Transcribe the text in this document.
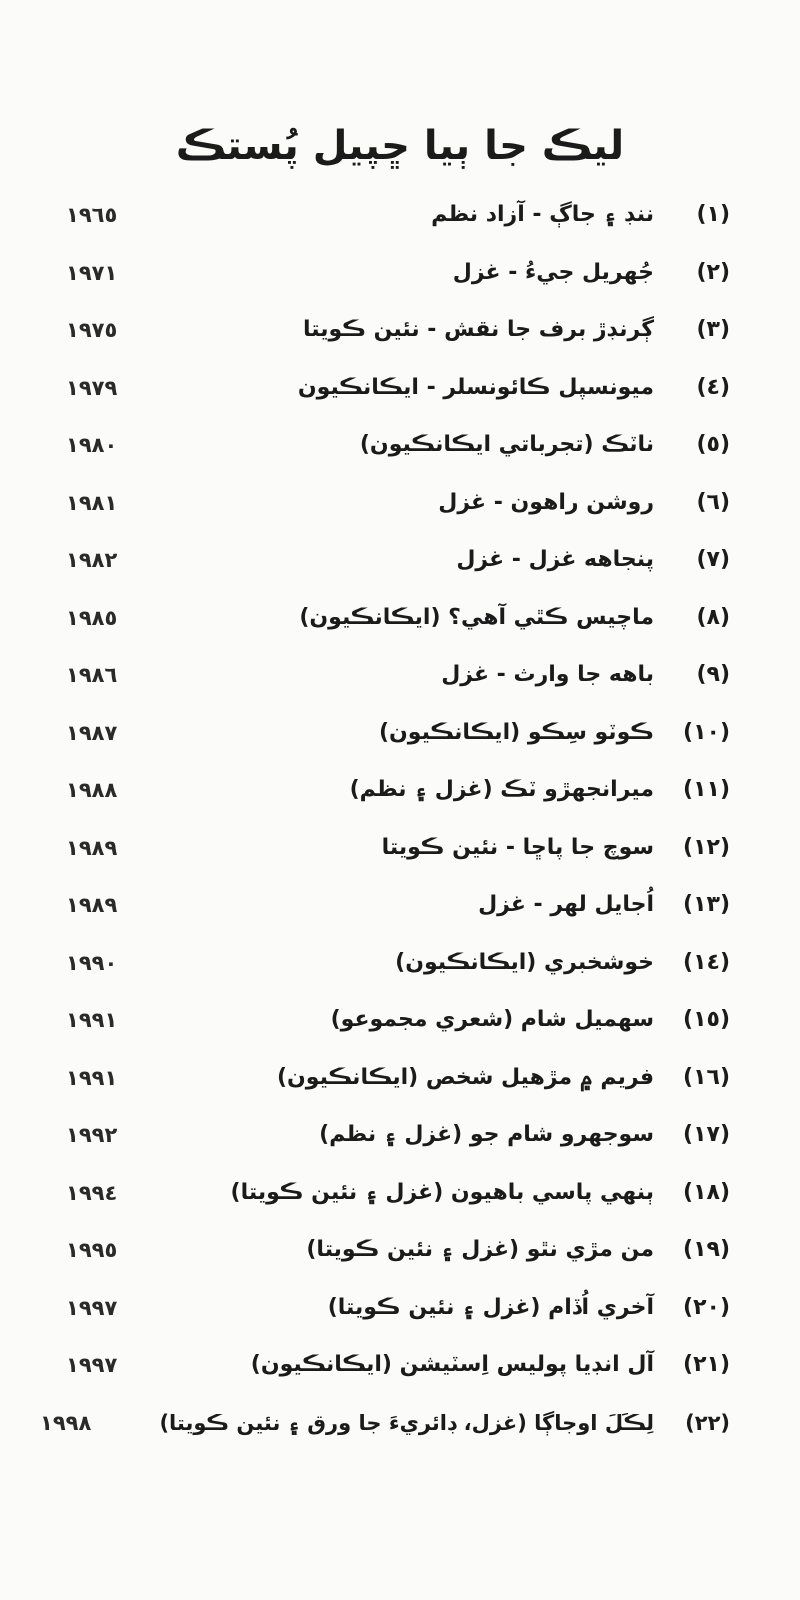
ليڪ جا ٻيا ڇپيل پُستڪ
(١)ننڊ ۽ جاڳ - آزاد نظم
١٩٦٥
(٢)جُهريل جيءُ - غزل
١٩٧١
(٣)ڳرنڊڙ برف جا نقش - نئين ڪويتا
١٩٧٥
(٤)ميونسپل ڪائونسلر - ايڪانڪيون
١٩٧٩
(٥)ناٽڪ (تجرباتي ايڪانڪيون)
١٩٨٠
(٦)روشن راهون - غزل
١٩٨١
(٧)پنجاهه غزل - غزل
١٩٨٢
(٨)ماچيس ڪٿي آهي؟ (ايڪانڪيون)
١٩٨٥
(٩)باهه جا وارث - غزل
١٩٨٦
(١٠)ڪوٽو سِڪو (ايڪانڪيون)
١٩٨٧
(١١)ميرانجهڙو ٽڪ (غزل ۽ نظم)
١٩٨٨
(١٢)سوچ جا پاڇا - نئين ڪويتا
١٩٨٩
(١٣)اُجايل لهر - غزل
١٩٨٩
(١٤)خوشخبري (ايڪانڪيون)
١٩٩٠
(١٥)سهميل شام (شعري مجموعو)
١٩٩١
(١٦)فريم ۾ مڙهيل شخص (ايڪانڪيون)
١٩٩١
(١٧)سوجهرو شام جو (غزل ۽ نظم)
١٩٩٢
(١٨)ٻنهي پاسي باهيون (غزل ۽ نئين ڪويتا)
١٩٩٤
(١٩)من مڙي نٿو (غزل ۽ نئين ڪويتا)
١٩٩٥
(٢٠)آخري اُڏام (غزل ۽ نئين ڪويتا)
١٩٩٧
(٢١)آل انڊيا پوليس اِسٽيشن (ايڪانڪيون)
١٩٩٧
(٢٢)لِڪَلَ اوجاڳا (غزل، ڊائريءَ جا ورق ۽ نئين ڪويتا)
١٩٩٨
